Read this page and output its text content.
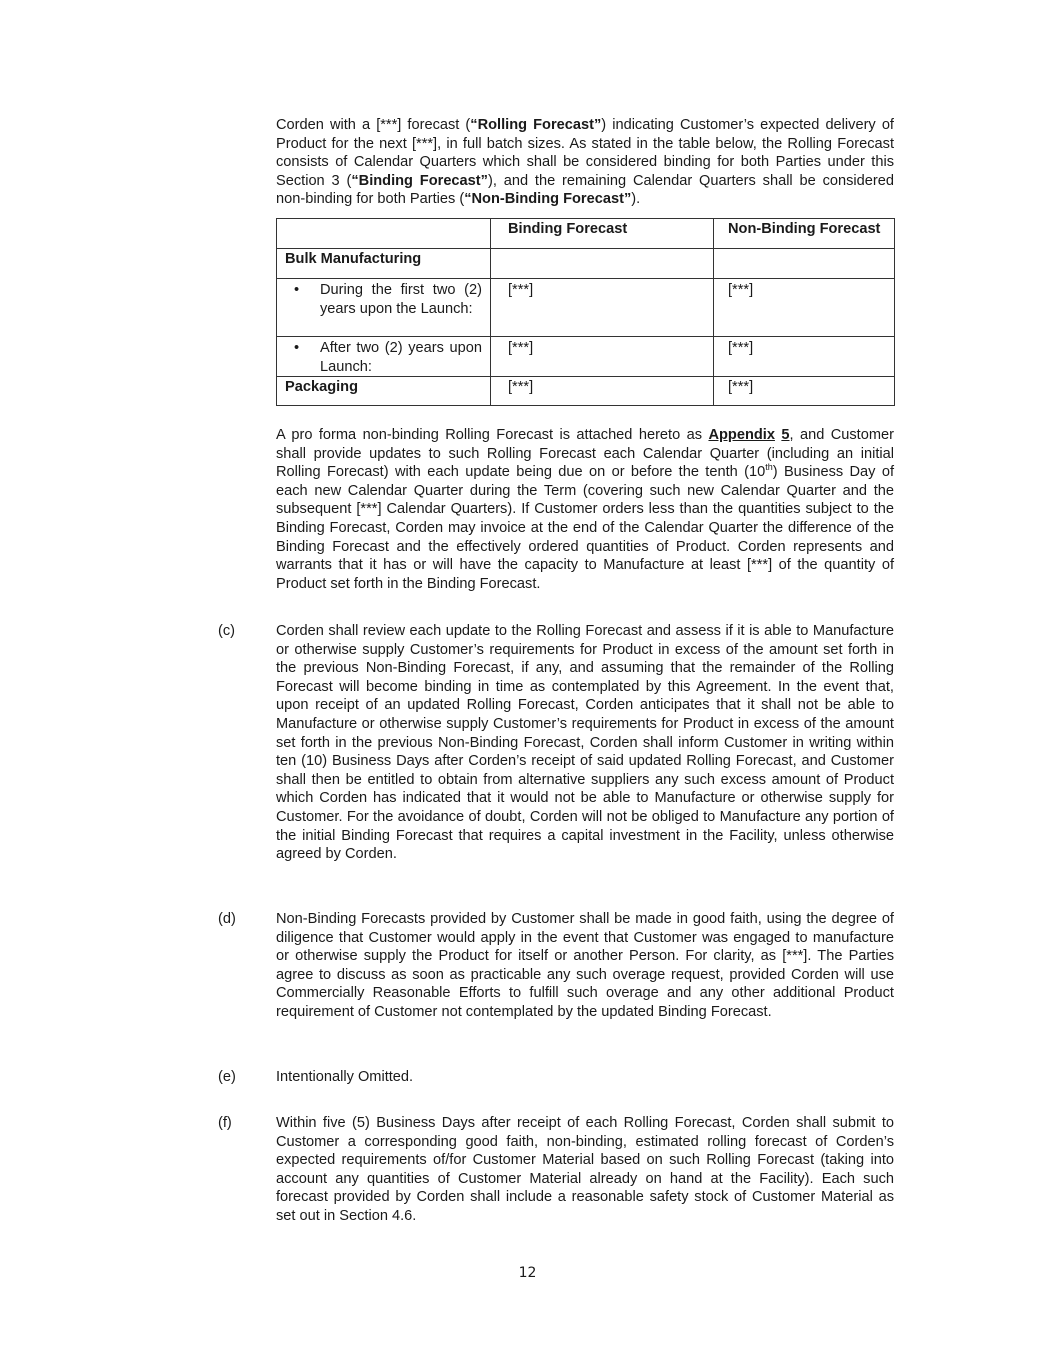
Corden with a [***] forecast (“Rolling Forecast”) indicating Customer’s expected delivery of Product for the next [***], in full batch sizes. As stated in the table below, the Rolling Forecast consists of Calendar Quarters which shall be considered binding for both Parties under this Section 3 (“Binding Forecast”), and the remaining Calendar Quarters shall be considered non-binding for both Parties (“Non-Binding Forecast”).

	Binding Forecast	Non-Binding Forecast
Bulk Manufacturing		

• During the first two (2) years upon the Launch:	[***]	[***]

• After two (2) years upon Launch:	[***]	[***]
Packaging	[***]	[***]

A pro forma non-binding Rolling Forecast is attached hereto as Appendix 5, and Customer shall provide updates to such Rolling Forecast each Calendar Quarter (including an initial Rolling Forecast) with each update being due on or before the tenth (10th) Business Day of each new Calendar Quarter during the Term (covering such new Calendar Quarter and the subsequent [***] Calendar Quarters). If Customer orders less than the quantities subject to the Binding Forecast, Corden may invoice at the end of the Calendar Quarter the difference of the Binding Forecast and the effectively ordered quantities of Product. Corden represents and warrants that it has or will have the capacity to Manufacture at least [***] of the quantity of Product set forth in the Binding Forecast.

(c)	Corden shall review each update to the Rolling Forecast and assess if it is able to Manufacture or otherwise supply Customer’s requirements for Product in excess of the amount set forth in the previous Non-Binding Forecast, if any, and assuming that the remainder of the Rolling Forecast will become binding in time as contemplated by this Agreement. In the event that, upon receipt of an updated Rolling Forecast, Corden anticipates that it shall not be able to Manufacture or otherwise supply Customer’s requirements for Product in excess of the amount set forth in the previous Non-Binding Forecast, Corden shall inform Customer in writing within ten (10) Business Days after Corden’s receipt of said updated Rolling Forecast, and Customer shall then be entitled to obtain from alternative suppliers any such excess amount of Product which Corden has indicated that it would not be able to Manufacture or otherwise supply for Customer. For the avoidance of doubt, Corden will not be obliged to Manufacture any portion of the initial Binding Forecast that requires a capital investment in the Facility, unless otherwise agreed by Corden.

(d)	Non-Binding Forecasts provided by Customer shall be made in good faith, using the degree of diligence that Customer would apply in the event that Customer was engaged to manufacture or otherwise supply the Product for itself or another Person. For clarity, as [***]. The Parties agree to discuss as soon as practicable any such overage request, provided Corden will use Commercially Reasonable Efforts to fulfill such overage and any other additional Product requirement of Customer not contemplated by the updated Binding Forecast.

(e)	Intentionally Omitted.

(f)	Within five (5) Business Days after receipt of each Rolling Forecast, Corden shall submit to Customer a corresponding good faith, non-binding, estimated rolling forecast of Corden’s expected requirements of/for Customer Material based on such Rolling Forecast (taking into account any quantities of Customer Material already on hand at the Facility). Each such forecast provided by Corden shall include a reasonable safety stock of Customer Material as set out in Section 4.6.

12
